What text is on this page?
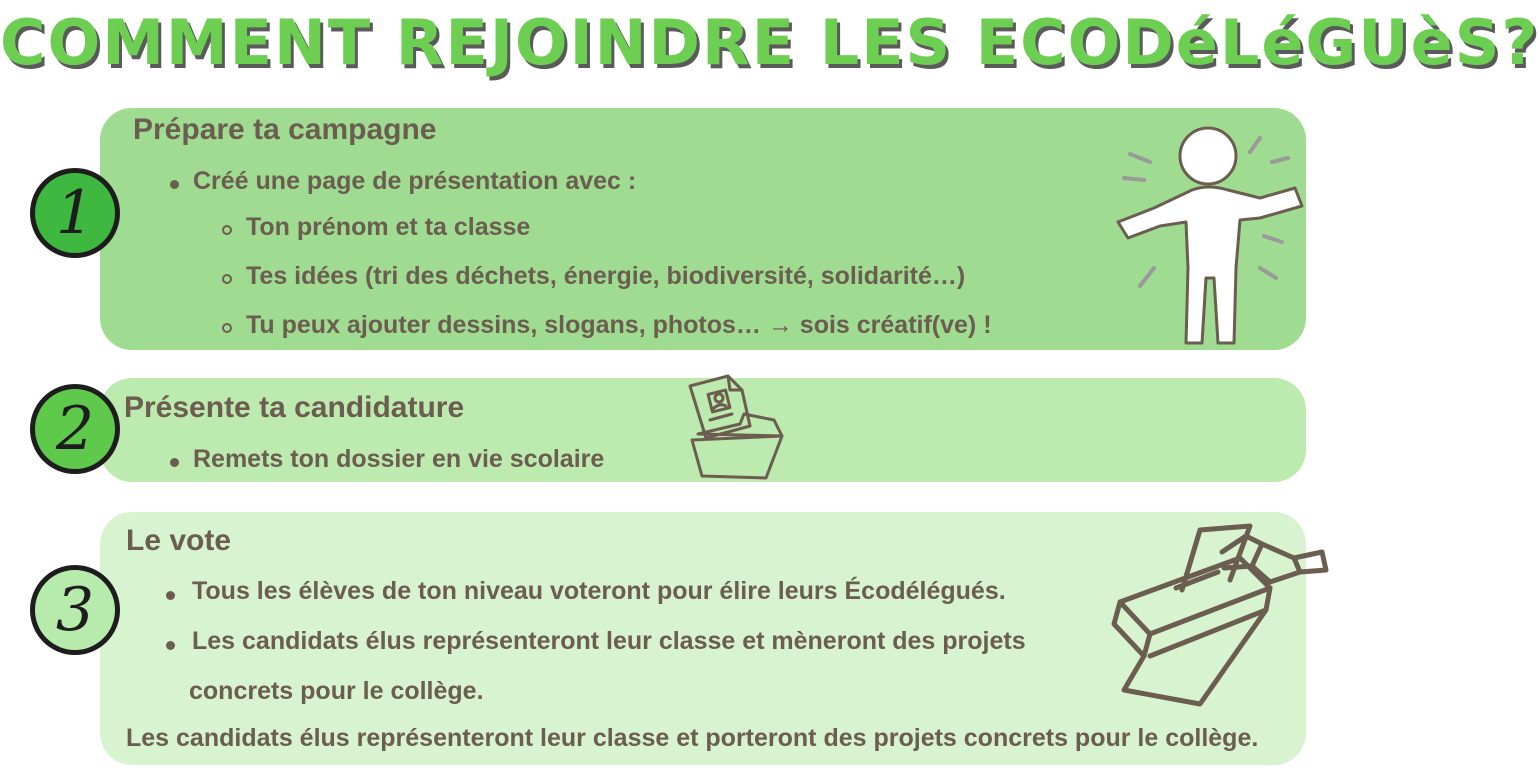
COMMENT REJOINDRE LES ECODéLéGUèS?
1
Prépare ta campagne
Créé une page de présentation avec :
Ton prénom et ta classe
Tes idées (tri des déchets, énergie, biodiversité, solidarité…)
Tu peux ajouter dessins, slogans, photos… → sois créatif(ve) !
2 Présente ta candidature
Remets ton dossier en vie scolaire
3
Le vote
Tous les élèves de ton niveau voteront pour élire leurs Écodélégués.
Les candidats élus représenteront leur classe et mèneront des projets
concrets pour le collège.
Les candidats élus représenteront leur classe et porteront des projets concrets pour le collège.
